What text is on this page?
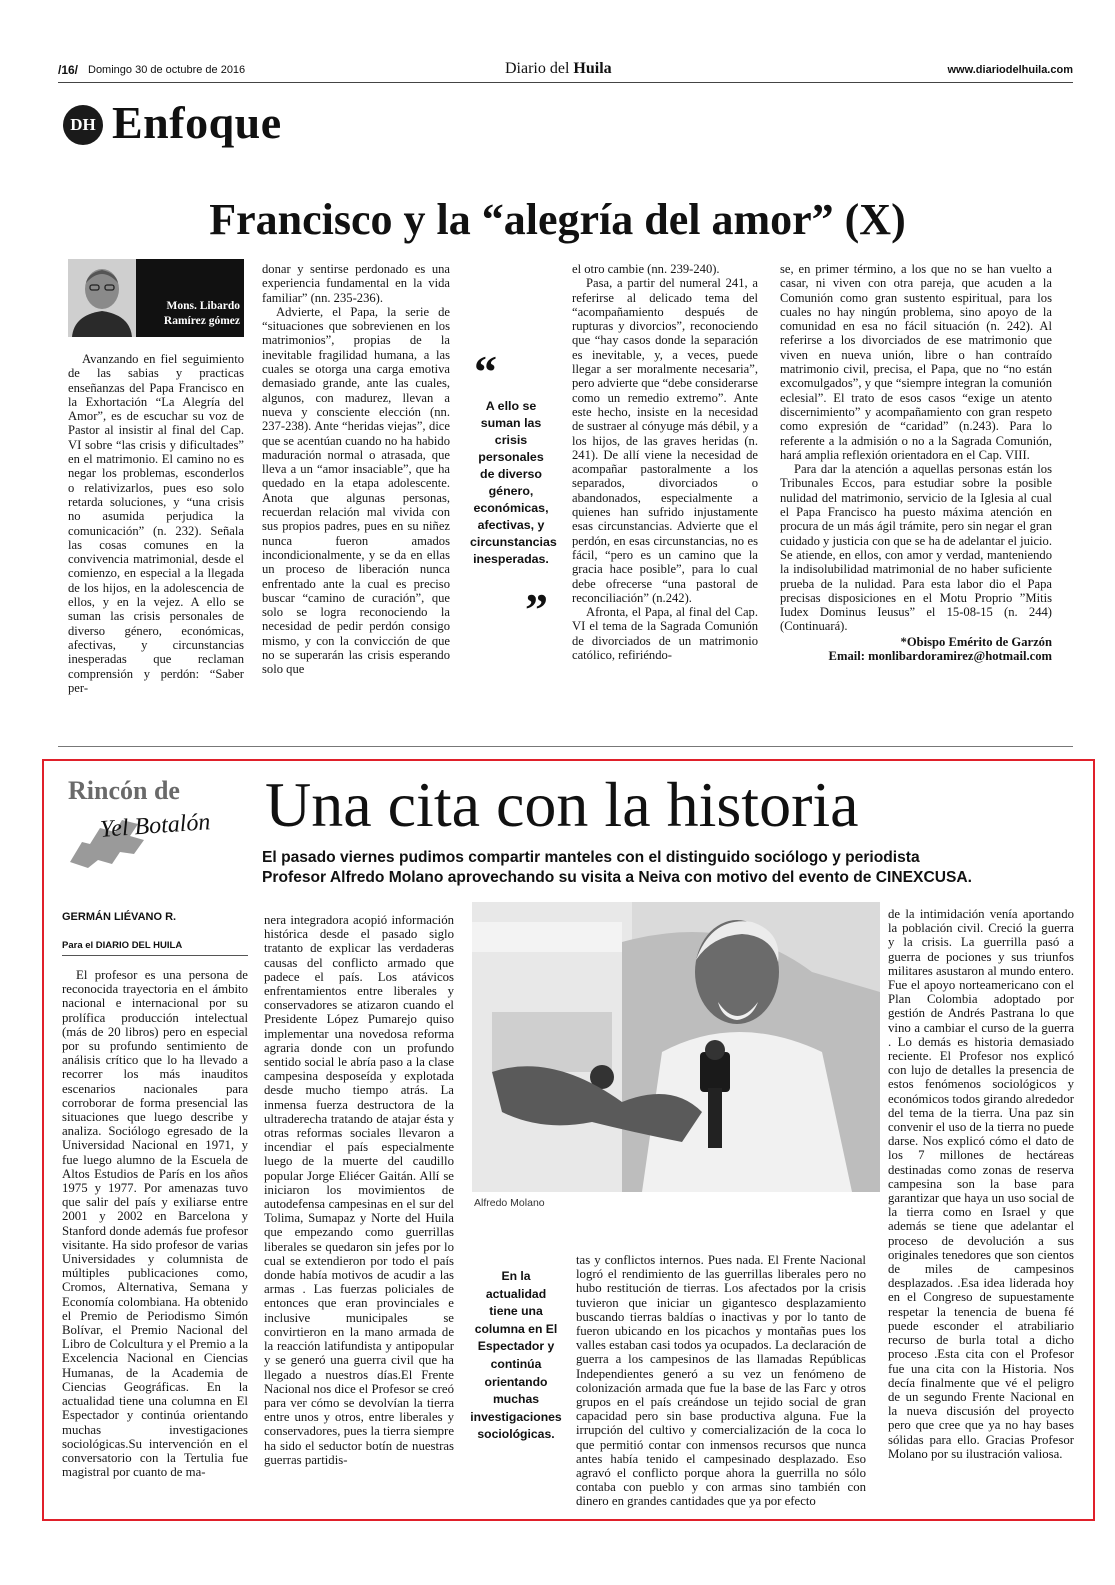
/16/ Domingo 30 de octubre de 2016	Diario del Huila	www.diariodelhuila.com
DH Enfoque
Francisco y la “alegría del amor” (X)
Mons. Libardo
Ramírez gómez

Avanzando en fiel seguimiento de las sabias y practicas enseñanzas del Papa Francisco en la Exhortación “La Alegría del Amor”, es de escuchar su voz de Pastor al insistir al final del Cap. VI sobre “las crisis y dificultades” en el matrimonio. El camino no es negar los problemas, esconderlos o relativizarlos, pues eso solo retarda soluciones, y “una crisis no asumida perjudica la comunicación” (n. 232). Señala las cosas comunes en la convivencia matrimonial, desde el comienzo, en especial a la llegada de los hijos, en la adolescencia de ellos, y en la vejez. A ello se suman las crisis personales de diverso género, económicas, afectivas, y circunstancias inesperadas que reclaman comprensión y perdón: “Saber per-

donar y sentirse perdonado es una experiencia fundamental en la vida familiar” (nn. 235-236).

Advierte, el Papa, la serie de “situaciones que sobrevienen en los matrimonios”, propias de la inevitable fragilidad humana, a las cuales se otorga una carga emotiva demasiado grande, ante las cuales, algunos, con madurez, llevan a nueva y consciente elección (nn. 237-238). Ante “heridas viejas”, dice que se acentúan cuando no ha habido maduración normal o atrasada, que lleva a un “amor insaciable”, que ha quedado en la etapa adolescente. Anota que algunas personas, recuerdan relación mal vivida con sus propios padres, pues en su niñez nunca fueron amados incondicionalmente, y se da en ellas un proceso de liberación nunca enfrentado ante la cual es preciso buscar “camino de curación”, que solo se logra reconociendo la necesidad de pedir perdón consigo mismo, y con la convicción de que no se superarán las crisis esperando solo que

“
A ello se suman las crisis personales de diverso género, económicas, afectivas, y circunstancias inesperadas.
”

el otro cambie (nn. 239-240).

Pasa, a partir del numeral 241, a referirse al delicado tema del “acompañamiento después de rupturas y divorcios”, reconociendo que “hay casos donde la separación es inevitable, y, a veces, puede llegar a ser moralmente necesaria”, pero advierte que “debe considerarse como un remedio extremo”. Ante este hecho, insiste en la necesidad de sustraer al cónyuge más débil, y a los hijos, de las graves heridas (n. 241). De allí viene la necesidad de acompañar pastoralmente a los separados, divorciados o abandonados, especialmente a quienes han sufrido injustamente esas circunstancias. Advierte que el perdón, en esas circunstancias, no es fácil, “pero es un camino que la gracia hace posible”, para lo cual debe ofrecerse “una pastoral de reconciliación” (n.242).

Afronta, el Papa, al final del Cap. VI el tema de la Sagrada Comunión de divorciados de un matrimonio católico, refiriéndo-

se, en primer término, a los que no se han vuelto a casar, ni viven con otra pareja, que acuden a la Comunión como gran sustento espiritual, para los cuales no hay ningún problema, sino apoyo de la comunidad en esa no fácil situación (n. 242). Al referirse a los divorciados de ese matrimonio que viven en nueva unión, libre o han contraído matrimonio civil, precisa, el Papa, que no “no están excomulgados”, y que “siempre integran la comunión eclesial”. El trato de esos casos “exige un atento discernimiento” y acompañamiento con gran respeto como expresión de “caridad” (n.243). Para lo referente a la admisión o no a la Sagrada Comunión, hará amplia reflexión orientadora en el Cap. VIII.

Para dar la atención a aquellas personas están los Tribunales Eccos, para estudiar sobre la posible nulidad del matrimonio, servicio de la Iglesia al cual el Papa Francisco ha puesto máxima atención en procura de un más ágil trámite, pero sin negar el gran cuidado y justicia con que se ha de adelantar el juicio. Se atiende, en ellos, con amor y verdad, manteniendo la indisolubilidad matrimonial de no haber suficiente prueba de la nulidad. Para esta labor dio el Papa precisas disposiciones en el Motu Proprio ”Mitis Iudex Dominus Ieusus” el 15-08-15 (n. 244) (Continuará).

*Obispo Emérito de Garzón
Email: monlibardoramirez@hotmail.com
Rincón de
Yel Botalón Una cita con la historia
El pasado viernes pudimos compartir manteles con el distinguido sociólogo y periodista
Profesor Alfredo Molano aprovechando su visita a Neiva con motivo del evento de CINEXCUSA.
GERMÁN LIÉVANO R.
Para el DIARIO DEL HUILA

El profesor es una persona de reconocida trayectoria en el ámbito nacional e internacional por su prolífica producción intelectual (más de 20 libros) pero en especial por su profundo sentimiento de análisis crítico que lo ha llevado a recorrer los más inauditos escenarios nacionales para corroborar de forma presencial las situaciones que luego describe y analiza. Sociólogo egresado de la Universidad Nacional en 1971, y fue luego alumno de la Escuela de Altos Estudios de París en los años 1975 y 1977. Por amenazas tuvo que salir del país y exiliarse entre 2001 y 2002 en Barcelona y Stanford donde además fue profesor visitante. Ha sido profesor de varias Universidades y columnista de múltiples publicaciones como, Cromos, Alternativa, Semana y Economía colombiana. Ha obtenido el Premio de Periodismo Simón Bolívar, el Premio Nacional del Libro de Colcultura y el Premio a la Excelencia Nacional en Ciencias Humanas, de la Academia de Ciencias Geográficas. En la actualidad tiene una columna en El Espectador y continúa orientando muchas investigaciones sociológicas.Su intervención en el conversatorio con la Tertulia fue magistral por cuanto de ma-

nera integradora acopió información histórica desde el pasado siglo tratanto de explicar las verdaderas causas del conflicto armado que padece el país. Los atávicos enfrentamientos entre liberales y conservadores se atizaron cuando el Presidente López Pumarejo quiso implementar una novedosa reforma agraria donde con un profundo sentido social le abría paso a la clase campesina desposeída y explotada desde mucho tiempo atrás. La inmensa fuerza destructora de la ultraderecha tratando de atajar ésta y otras reformas sociales llevaron a incendiar el país especialmente luego de la muerte del caudillo popular Jorge Eliécer Gaitán. Allí se iniciaron los movimientos de autodefensa campesinas en el sur del Tolima, Sumapaz y Norte del Huila que empezando como guerrillas liberales se quedaron sin jefes por lo cual se extendieron por todo el país donde había motivos de acudir a las armas . Las fuerzas policiales de entonces que eran provinciales e inclusive municipales se convirtieron en la mano armada de la reacción latifundista y antipopular y se generó una guerra civil que ha llegado a nuestros días.El Frente Nacional nos dice el Profesor se creó para ver cómo se devolvían la tierra entre unos y otros, entre liberales y conservadores, pues la tierra siempre ha sido el seductor botín de nuestras guerras partidis-

Alfredo Molano
En la actualidad tiene una columna en El Espectador y continúa orientando muchas investigaciones sociológicas.

tas y conflictos internos. Pues nada. El Frente Nacional logró el rendimiento de las guerrillas liberales pero no hubo restitución de tierras. Los afectados por la crisis tuvieron que iniciar un gigantesco desplazamiento buscando tierras baldías o inactivas y por lo tanto de fueron ubicando en los picachos y montañas pues los valles estaban casi todos ya ocupados. La declaración de guerra a los campesinos de las llamadas Repúblicas Independientes generó a su vez un fenómeno de colonización armada que fue la base de las Farc y otros grupos en el país creándose un tejido social de gran capacidad pero sin base productiva alguna. Fue la irrupción del cultivo y comercialización de la coca lo que permitió contar con inmensos recursos que nunca antes había tenido el campesinado desplazado. Eso agravó el conflicto porque ahora la guerrilla no sólo contaba con pueblo y con armas sino también con dinero en grandes cantidades que ya por efecto

de la intimidación venía aportando la población civil. Creció la guerra y la crisis. La guerrilla pasó a guerra de pociones y sus triunfos militares asustaron al mundo entero. Fue el apoyo norteamericano con el Plan Colombia adoptado por gestión de Andrés Pastrana lo que vino a cambiar el curso de la guerra . Lo demás es historia demasiado reciente. El Profesor nos explicó con lujo de detalles la presencia de estos fenómenos sociológicos y económicos todos girando alrededor del tema de la tierra. Una paz sin convenir el uso de la tierra no puede darse. Nos explicó cómo el dato de los 7 millones de hectáreas destinadas como zonas de reserva campesina son la base para garantizar que haya un uso social de la tierra como en Israel y que además se tiene que adelantar el proceso de devolución a sus originales tenedores que son cientos de miles de campesinos desplazados. .Esa idea liderada hoy en el Congreso de supuestamente respetar la tenencia de buena fé puede esconder el atrabiliario recurso de burla total a dicho proceso .Esta cita con el Profesor fue una cita con la Historia. Nos decía finalmente que vé el peligro de un segundo Frente Nacional en la nueva discusión del proyecto pero que cree que ya no hay bases sólidas para ello. Gracias Profesor Molano por su ilustración valiosa.
